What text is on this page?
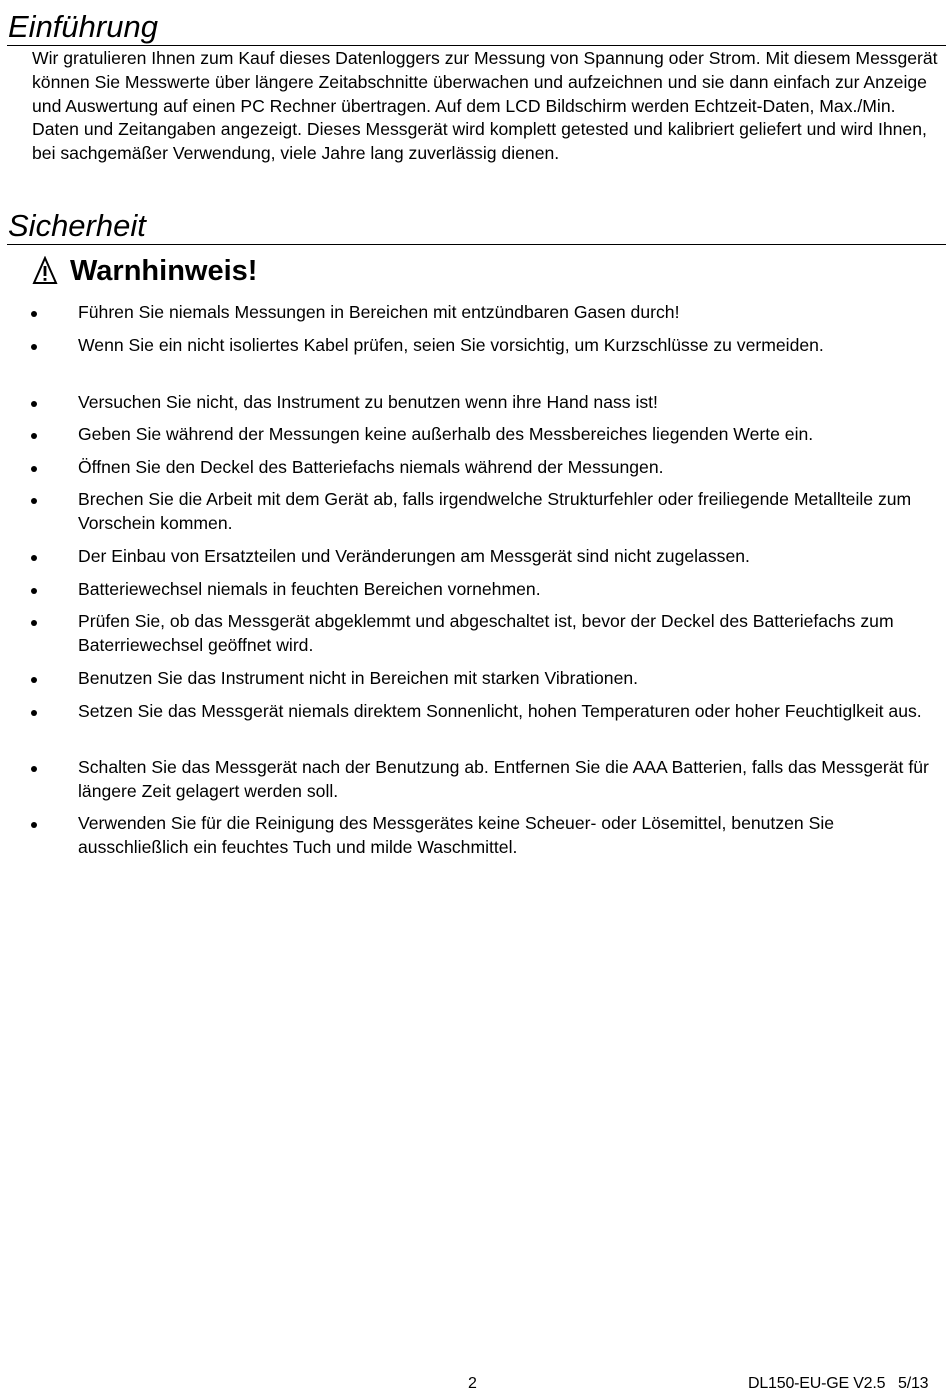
Einführung

Wir gratulieren Ihnen zum Kauf dieses Datenloggers zur Messung von Spannung oder Strom. Mit diesem Messgerät können Sie Messwerte über längere Zeitabschnitte überwachen und aufzeichnen und sie dann einfach zur Anzeige und Auswertung auf einen PC Rechner übertragen. Auf dem LCD Bildschirm werden Echtzeit-Daten, Max./Min. Daten und Zeitangaben angezeigt. Dieses Messgerät wird komplett getested und kalibriert geliefert und wird Ihnen, bei sachgemäßer Verwendung, viele Jahre lang zuverlässig dienen.

Sicherheit
Warnhinweis!
Führen Sie niemals Messungen in Bereichen mit entzündbaren Gasen durch!
Wenn Sie ein nicht isoliertes Kabel prüfen, seien Sie vorsichtig, um Kurzschlüsse zu vermeiden.
Versuchen Sie nicht, das Instrument zu benutzen wenn ihre Hand nass ist!
Geben Sie während der Messungen keine außerhalb des Messbereiches liegenden Werte ein.
Öffnen Sie den Deckel des Batteriefachs niemals während der Messungen.
Brechen Sie die Arbeit mit dem Gerät ab, falls irgendwelche Strukturfehler oder freiliegende Metallteile zum Vorschein kommen.
Der Einbau von Ersatzteilen und Veränderungen am Messgerät sind nicht zugelassen.
Batteriewechsel niemals in feuchten Bereichen vornehmen.
Prüfen Sie, ob das Messgerät abgeklemmt und abgeschaltet ist, bevor der Deckel des Batteriefachs zum Baterriewechsel geöffnet wird.
Benutzen Sie das Instrument nicht in Bereichen mit starken Vibrationen.
Setzen Sie das Messgerät niemals direktem Sonnenlicht, hohen Temperaturen oder hoher Feuchtiglkeit aus.
Schalten Sie das Messgerät nach der Benutzung ab. Entfernen Sie die AAA Batterien, falls das Messgerät für längere Zeit gelagert werden soll.
Verwenden Sie für die Reinigung des Messgerätes keine Scheuer- oder Lösemittel, benutzen Sie ausschließlich ein feuchtes Tuch und milde Waschmittel.
2	DL150-EU-GE V2.5   5/13
